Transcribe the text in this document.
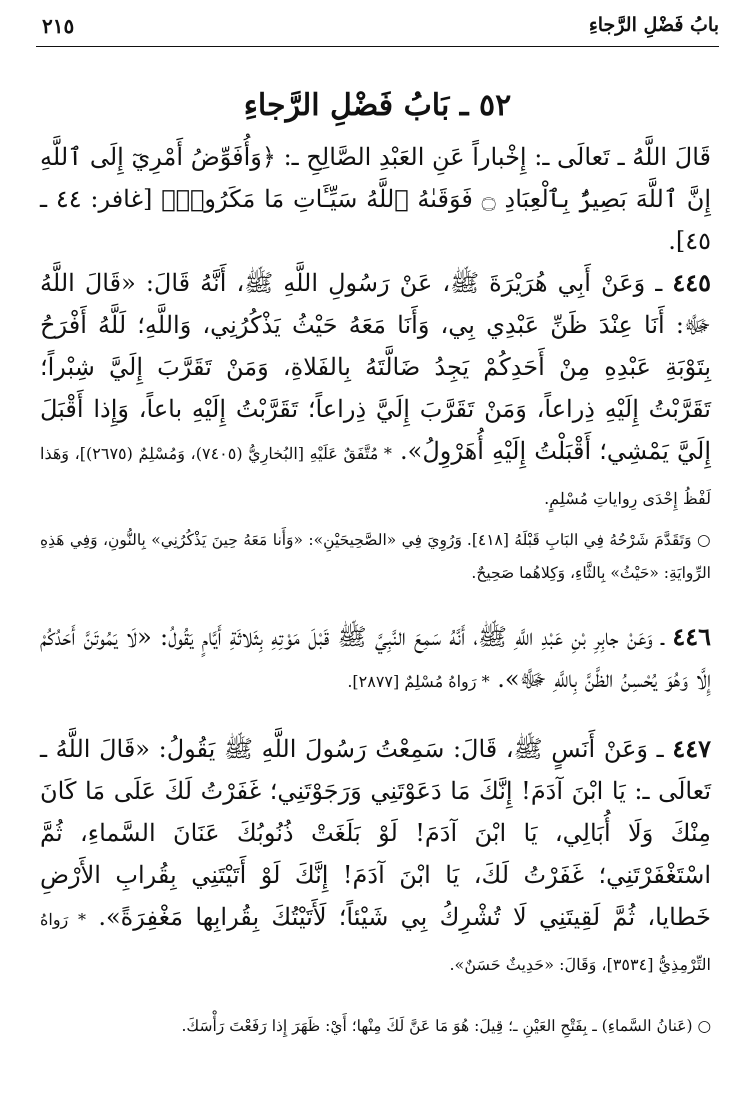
بابُ فَضْلِ الرَّجاءِ
٢١٥
٥٢ ـ بَابُ فَضْلِ الرَّجاءِ

قَالَ اللَّهُ ـ تَعالَى ـ: إِخْباراً عَنِ العَبْدِ الصَّالِحِ ـ: ﴿وَأُفَوِّضُ أَمْرِيٓ إِلَى ٱللَّهِ إِنَّ ٱللَّهَ بَصِيرٌۢ بِٱلْعِبَادِ ۝ فَوَقَىٰهُ ٱللَّهُ سَيِّـَٔاتِ مَا مَكَرُوا۟﴾ [غافر: ٤٤ ـ ٤٥].

٤٤٥ ـ وَعَنْ أَبِي هُرَيْرَةَ ﷺ، عَنْ رَسُولِ اللَّهِ ﷺ، أَنَّهُ قَالَ: «قَالَ اللَّهُ ﷻ: أَنَا عِنْدَ ظَنِّ عَبْدِي بِي، وَأَنَا مَعَهُ حَيْثُ يَذْكُرُنِي، وَاللَّهِ؛ لَلَّهُ أَفْرَحُ بِتَوْبَةِ عَبْدِهِ مِنْ أَحَدِكُمْ يَجِدُ ضَالَّتَهُ بِالفَلاةِ، وَمَنْ تَقَرَّبَ إِلَيَّ شِبْراً؛ تَقَرَّبْتُ إِلَيْهِ ذِراعاً، وَمَنْ تَقَرَّبَ إِلَيَّ ذِراعاً؛ تَقَرَّبْتُ إِلَيْهِ باعاً، وَإِذا أَقْبَلَ إِلَيَّ يَمْشِي؛ أَقْبَلْتُ إِلَيْهِ أُهَرْوِلُ». * مُتَّفَقٌ عَلَيْهِ [البُخارِيُّ (٧٤٠٥)، وَمُسْلِمٌ (٢٦٧٥)]، وَهَذا لَفْظُ إِحْدَى رِواياتِ مُسْلِمٍ.

○ وَتَقَدَّمَ شَرْحُهُ فِي البَابِ قَبْلَهُ [٤١٨]. وَرُوِيَ فِي «الصَّحِيحَيْنِ»: «وَأَنا مَعَهُ حِينَ يَذْكُرُنِي» بِالنُّونِ، وَفِي هَذِهِ الرِّوايَةِ: «حَيْثُ» بِالثَّاءِ، وَكِلاهُما صَحِيحٌ.

٤٤٦ ـ وَعَنْ جابِرِ بْنِ عَبْدِ اللَّهِ ﷺ، أَنَّهُ سَمِعَ النَّبِيَّ ﷺ قَبْلَ مَوْتِهِ بِثَلاثَةِ أَيَّامٍ يَقُولُ: «لَا يَمُوتَنَّ أَحَدُكُمْ إِلَّا وَهُوَ يُحْسِنُ الظَّنَّ بِاللَّهِ ﷻ». * رَواهُ مُسْلِمٌ [٢٨٧٧].

٤٤٧ ـ وَعَنْ أَنَسٍ ﷺ، قَالَ: سَمِعْتُ رَسُولَ اللَّهِ ﷺ يَقُولُ: «قَالَ اللَّهُ ـ تَعالَى ـ: يَا ابْنَ آدَمَ! إِنَّكَ مَا دَعَوْتَنِي وَرَجَوْتَنِي؛ غَفَرْتُ لَكَ عَلَى مَا كَانَ مِنْكَ وَلَا أُبَالِي، يَا ابْنَ آدَمَ! لَوْ بَلَغَتْ ذُنُوبُكَ عَنَانَ السَّماءِ، ثُمَّ اسْتَغْفَرْتَنِي؛ غَفَرْتُ لَكَ، يَا ابْنَ آدَمَ! إِنَّكَ لَوْ أَتَيْتَنِي بِقُرابِ الأَرْضِ خَطايا، ثُمَّ لَقِيتَنِي لَا تُشْرِكُ بِي شَيْئاً؛ لَأَتَيْتُكَ بِقُرابِها مَغْفِرَةً». * رَواهُ التِّرْمِذِيُّ [٣٥٣٤]، وَقَالَ: «حَدِيثٌ حَسَنٌ».

○ (عَنانُ السَّماءِ) ـ بِفَتْحِ العَيْنِ ـ؛ قِيلَ: هُوَ مَا عَنَّ لَكَ مِنْها؛ أَيْ: ظَهَرَ إِذا رَفَعْتَ رَأْسَكَ.
